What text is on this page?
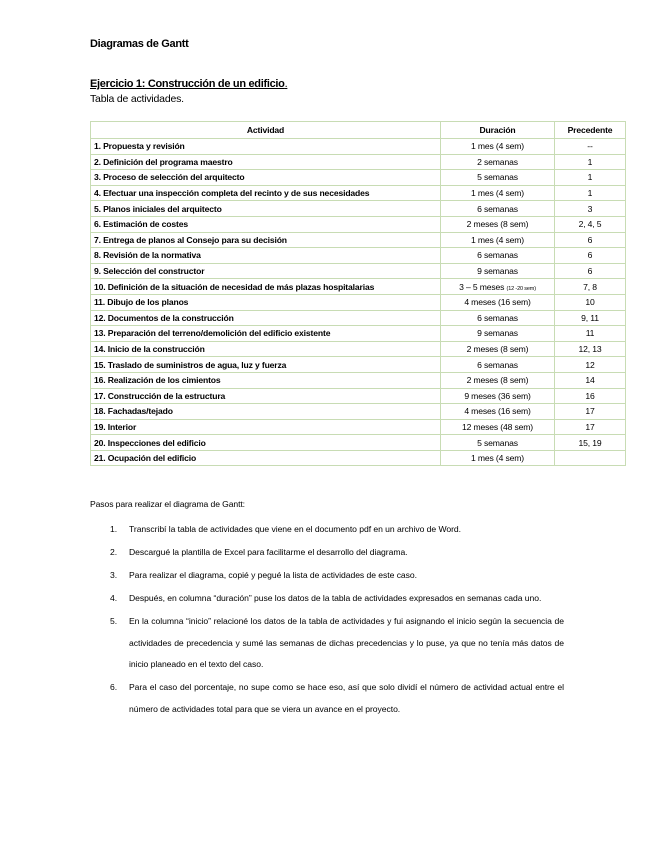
Diagramas de Gantt
Ejercicio 1: Construcción de un edificio.
Tabla de actividades.
Actividad	Duración	Precedente
1. Propuesta y revisión	1 mes (4 sem)	--
2. Definición del programa maestro	2 semanas	1
3. Proceso de selección del arquitecto	5 semanas	1
4. Efectuar una inspección completa del recinto y de sus necesidades	1 mes (4 sem)	1
5. Planos iniciales del arquitecto	6 semanas	3
6. Estimación de costes	2 meses (8 sem)	2, 4, 5
7. Entrega de planos al Consejo para su decisión	1 mes (4 sem)	6
8. Revisión de la normativa	6 semanas	6
9. Selección del constructor	9 semanas	6
10. Definición de la situación de necesidad de más plazas hospitalarias	3 – 5 meses (12 -20 sem)	7, 8
11. Dibujo de los planos	4 meses (16 sem)	10
12. Documentos de la construcción	6 semanas	9, 11
13. Preparación del terreno/demolición del edificio existente	9 semanas	11
14. Inicio de la construcción	2 meses (8 sem)	12, 13
15. Traslado de suministros de agua, luz y fuerza	6 semanas	12
16. Realización de los cimientos	2 meses (8 sem)	14
17. Construcción de la estructura	9 meses (36 sem)	16
18. Fachadas/tejado	4 meses (16 sem)	17
19. Interior	12 meses (48 sem)	17
20. Inspecciones del edificio	5 semanas	15, 19
21. Ocupación del edificio	1 mes (4 sem)	
Pasos para realizar el diagrama de Gantt:
1. Transcribí la tabla de actividades que viene en el documento pdf en un archivo de Word.
2. Descargué la plantilla de Excel para facilitarme el desarrollo del diagrama.
3. Para realizar el diagrama, copié y pegué la lista de actividades de este caso.
4. Después, en columna “duración” puse los datos de la tabla de actividades expresados en semanas cada uno.
5. En la columna “inicio” relacioné los datos de la tabla de actividades y fui asignando el inicio según la secuencia de actividades de precedencia y sumé las semanas de dichas precedencias y lo puse, ya que no tenía más datos de inicio planeado en el texto del caso.
6. Para el caso del porcentaje, no supe como se hace eso, así que solo dividí el número de actividad actual entre el número de actividades total para que se viera un avance en el proyecto.
